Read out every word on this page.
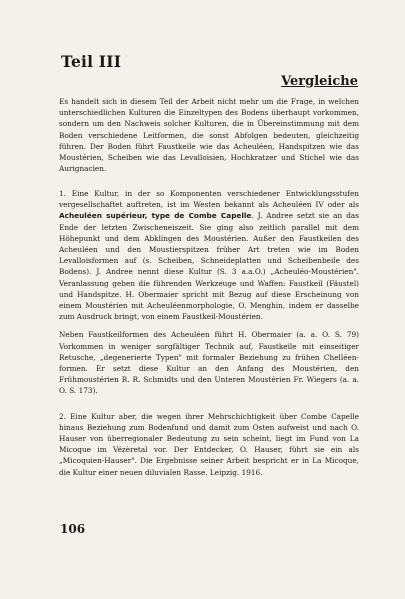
Teil III
Vergleiche

Es handelt sich in diesem Teil der Arbeit nicht mehr um die Frage, in welchen unterschiedlichen Kulturen die Einzeltypen des Bodens überhaupt vorkommen, sondern um den Nachweis solcher Kulturen, die in Übereinstimmung mit dem Boden verschiedene Leitformen, die sonst Abfolgen bedeuten, gleichzeitig führen. Der Boden führt Faustkeile wie das Acheuléen, Handspitzen wie das Moustérien, Scheiben wie das Levalloisien, Hochkratzer und Stichel wie das Aurignacien.

1. Eine Kultur, in der so Komponenten verschiedener Entwicklungsstufen vergesellschaftet auftreten, ist im Westen bekannt als Acheuléen IV oder als Acheuléen supérieur, type de Combe Capelle. J. Andree setzt sie an das Ende der letzten Zwischeneiszeit. Sie ging also zeitlich parallel mit dem Höhepunkt und dem Abklingen des Moustérien. Außer den Faustkeilen des Acheuléen und den Moustierspitzen früher Art treten wie im Boden Levalloisformen auf (s. Scheiben, Schneideplatten und Scheibenbeile des Bodens). J. Andree nennt diese Kultur (S. 3 a.a.O.) „Acheuléo-Moustérien". Veranlassung geben die führenden Werkzeuge und Waffen: Faustkeil (Fäustel) und Handspitze. H. Obermaier spricht mit Bezug auf diese Erscheinung von einem Moustérien mit Acheuléenmorphologie, O. Menghin, indem er dasselbe zum Ausdruck bringt, von einem Faustkeil-Moustérien.

Neben Faustkeilformen des Acheuléen führt H. Obermaier (a. a. O. S. 79) Vorkommen in weniger sorgfältiger Technik auf, Faustkeile mit einseitiger Retusche, „degenerierte Typen" mit formaler Beziehung zu frühen Chelléen-formen. Er setzt diese Kultur an den Anfang des Moustérien, den Frühmoustérien R. R. Schmidts und den Unteren Moustérien Fr. Wiegers (a. a. O. S. 173).

2. Eine Kultur aber, die wegen ihrer Mehrschichtigkeit über Combe Capelle hinaus Beziehung zum Bodenfund und damit zum Osten aufweist und nach O. Hauser von überregionaler Bedeutung zu sein scheint, liegt im Fund von La Micoque im Vézèretal vor. Der Entdecker, O. Hauser, führt sie ein als „Micoquien-Hauser". Die Ergebnisse seiner Arbeit bespricht er in La Micoque, die Kultur einer neuen diluvialen Rasse. Leipzig. 1916.

106
